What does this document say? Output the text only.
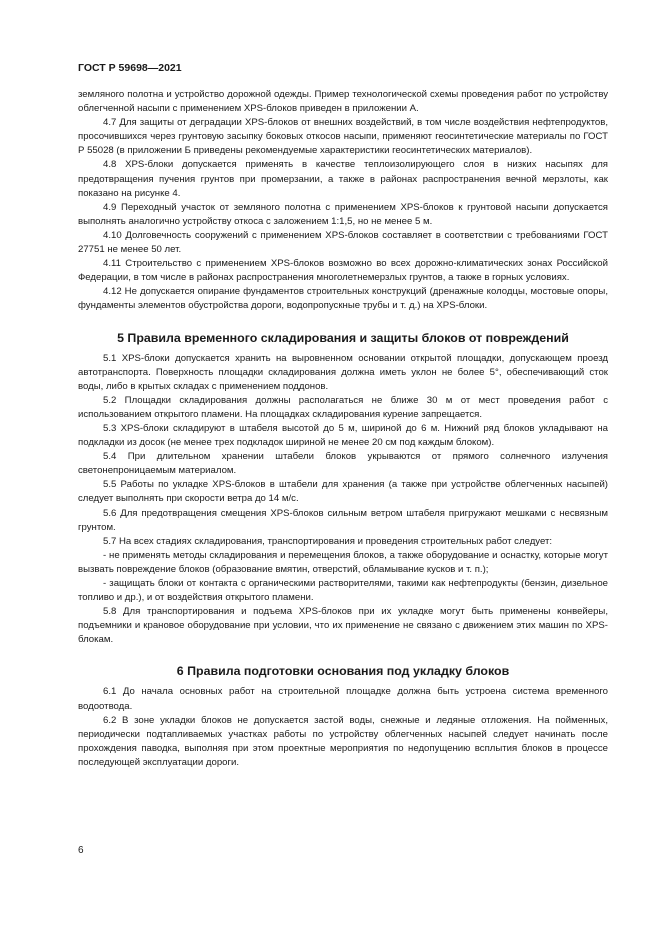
ГОСТ Р 59698—2021

земляного полотна и устройство дорожной одежды. Пример технологической схемы проведения работ по устройству облегченной насыпи с применением XPS-блоков приведен в приложении А.

4.7 Для защиты от деградации XPS-блоков от внешних воздействий, в том числе воздействия нефтепродуктов, просочившихся через грунтовую засыпку боковых откосов насыпи, применяют геосинтетические материалы по ГОСТ Р 55028 (в приложении Б приведены рекомендуемые характеристики геосинтетических материалов).

4.8 XPS-блоки допускается применять в качестве теплоизолирующего слоя в низких насыпях для предотвращения пучения грунтов при промерзании, а также в районах распространения вечной мерзлоты, как показано на рисунке 4.

4.9 Переходный участок от земляного полотна с применением XPS-блоков к грунтовой насыпи допускается выполнять аналогично устройству откоса с заложением 1:1,5, но не менее 5 м.

4.10 Долговечность сооружений с применением XPS-блоков составляет в соответствии с требованиями ГОСТ 27751 не менее 50 лет.

4.11 Строительство с применением XPS-блоков возможно во всех дорожно-климатических зонах Российской Федерации, в том числе в районах распространения многолетнемерзлых грунтов, а также в горных условиях.

4.12 Не допускается опирание фундаментов строительных конструкций (дренажные колодцы, мостовые опоры, фундаменты элементов обустройства дороги, водопропускные трубы и т. д.) на XPS-блоки.

5 Правила временного складирования и защиты блоков от повреждений

5.1 XPS-блоки допускается хранить на выровненном основании открытой площадки, допускающем проезд автотранспорта. Поверхность площадки складирования должна иметь уклон не более 5°, обеспечивающий сток воды, либо в крытых складах с применением поддонов.

5.2 Площадки складирования должны располагаться не ближе 30 м от мест проведения работ с использованием открытого пламени. На площадках складирования курение запрещается.

5.3 XPS-блоки складируют в штабеля высотой до 5 м, шириной до 6 м. Нижний ряд блоков укладывают на подкладки из досок (не менее трех подкладок шириной не менее 20 см под каждым блоком).

5.4 При длительном хранении штабели блоков укрываются от прямого солнечного излучения светонепроницаемым материалом.

5.5 Работы по укладке XPS-блоков в штабели для хранения (а также при устройстве облегченных насыпей) следует выполнять при скорости ветра до 14 м/с.

5.6 Для предотвращения смещения XPS-блоков сильным ветром штабеля пригружают мешками с несвязным грунтом.

5.7 На всех стадиях складирования, транспортирования и проведения строительных работ следует:

- не применять методы складирования и перемещения блоков, а также оборудование и оснастку, которые могут вызвать повреждение блоков (образование вмятин, отверстий, обламывание кусков и т. п.);

- защищать блоки от контакта с органическими растворителями, такими как нефтепродукты (бензин, дизельное топливо и др.), и от воздействия открытого пламени.

5.8 Для транспортирования и подъема XPS-блоков при их укладке могут быть применены конвейеры, подъемники и крановое оборудование при условии, что их применение не связано с движением этих машин по XPS-блокам.

6 Правила подготовки основания под укладку блоков

6.1 До начала основных работ на строительной площадке должна быть устроена система временного водоотвода.

6.2 В зоне укладки блоков не допускается застой воды, снежные и ледяные отложения. На пойменных, периодически подтапливаемых участках работы по устройству облегченных насыпей следует начинать после прохождения паводка, выполняя при этом проектные мероприятия по недопущению всплытия блоков в процессе последующей эксплуатации дороги.

6
